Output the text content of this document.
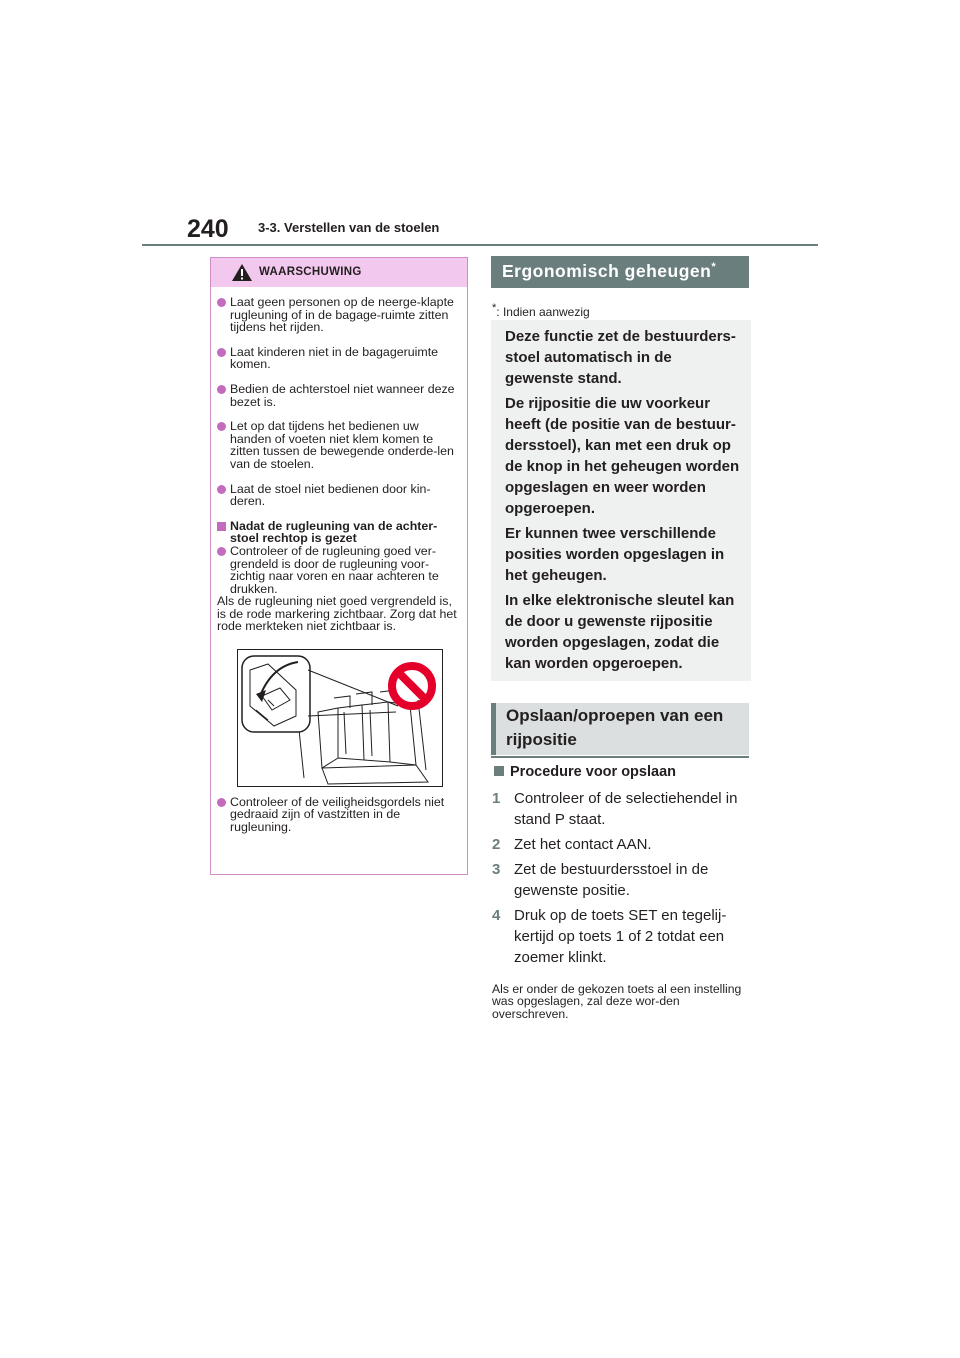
240 3-3. Verstellen van de stoelen
WAARSCHUWING
Laat geen personen op de neerge-klapte rugleuning of in de bagage-ruimte zitten tijdens het rijden.
Laat kinderen niet in de bagageruimte komen.
Bedien de achterstoel niet wanneer deze bezet is.
Let op dat tijdens het bedienen uw handen of voeten niet klem komen te zitten tussen de bewegende onderde-len van de stoelen.
Laat de stoel niet bedienen door kin-deren.
Nadat de rugleuning van de achter-stoel rechtop is gezet
Controleer of de rugleuning goed ver-grendeld is door de rugleuning voor-zichtig naar voren en naar achteren te drukken.
Als de rugleuning niet goed vergrendeld is, is de rode markering zichtbaar. Zorg dat het rode merkteken niet zichtbaar is.
Controleer of de veiligheidsgordels niet gedraaid zijn of vastzitten in de rugleuning.
Ergonomisch geheugen*
*: Indien aanwezig

Deze functie zet de bestuurders-stoel automatisch in de gewenste stand.

De rijpositie die uw voorkeur heeft (de positie van de bestuur-dersstoel), kan met een druk op de knop in het geheugen worden opgeslagen en weer worden opgeroepen.

Er kunnen twee verschillende posities worden opgeslagen in het geheugen.

In elke elektronische sleutel kan de door u gewenste rijpositie worden opgeslagen, zodat die kan worden opgeroepen.

Opslaan/oproepen van een rijpositie
Procedure voor opslaan
1 Controleer of de selectiehendel in stand P staat.
2 Zet het contact AAN.
3 Zet de bestuurdersstoel in de gewenste positie.
4 Druk op de toets SET en tegelij-kertijd op toets 1 of 2 totdat een zoemer klinkt.
Als er onder de gekozen toets al een instelling was opgeslagen, zal deze wor-den overschreven.
